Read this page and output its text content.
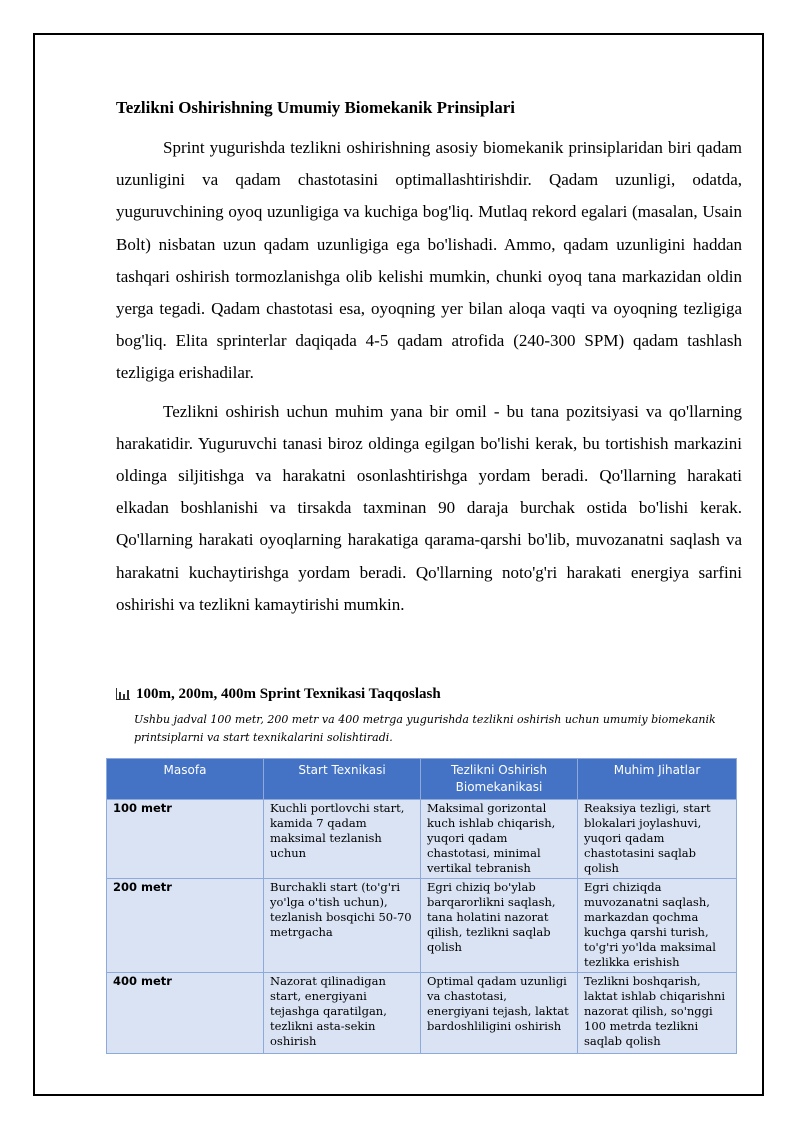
Tezlikni Oshirishning Umumiy Biomekanik Prinsiplari

Sprint yugurishda tezlikni oshirishning asosiy biomekanik prinsiplaridan biri qadam uzunligini va qadam chastotasini optimallashtirishdir. Qadam uzunligi, odatda, yuguruvchining oyoq uzunligiga va kuchiga bog'liq. Mutlaq rekord egalari (masalan, Usain Bolt) nisbatan uzun qadam uzunligiga ega bo'lishadi. Ammo, qadam uzunligini haddan tashqari oshirish tormozlanishga olib kelishi mumkin, chunki oyoq tana markazidan oldin yerga tegadi. Qadam chastotasi esa, oyoqning yer bilan aloqa vaqti va oyoqning tezligiga bog'liq. Elita sprinterlar daqiqada 4-5 qadam atrofida (240-300 SPM) qadam tashlash tezligiga erishadilar.

Tezlikni oshirish uchun muhim yana bir omil - bu tana pozitsiyasi va qo'llarning harakatidir. Yuguruvchi tanasi biroz oldinga egilgan bo'lishi kerak, bu tortishish markazini oldinga siljitishga va harakatni osonlashtirishga yordam beradi. Qo'llarning harakati elkadan boshlanishi va tirsakda taxminan 90 daraja burchak ostida bo'lishi kerak. Qo'llarning harakati oyoqlarning harakatiga qarama-qarshi bo'lib, muvozanatni saqlash va harakatni kuchaytirishga yordam beradi. Qo'llarning noto'g'ri harakati energiya sarfini oshirishi va tezlikni kamaytirishi mumkin.

100m, 200m, 400m Sprint Texnikasi Taqqoslash
Ushbu jadval 100 metr, 200 metr va 400 metrga yugurishda tezlikni oshirish uchun umumiy biomekanik printsiplarni va start texnikalarini solishtiradi.
Masofa	Start Texnikasi	Tezlikni Oshirish Biomekanikasi	Muhim Jihatlar
100 metr	Kuchli portlovchi start, kamida 7 qadam maksimal tezlanish uchun	Maksimal gorizontal kuch ishlab chiqarish, yuqori qadam chastotasi, minimal vertikal tebranish	Reaksiya tezligi, start blokalari joylashuvi, yuqori qadam chastotasini saqlab qolish
200 metr	Burchakli start (to'g'ri yo'lga o'tish uchun), tezlanish bosqichi 50-70 metrgacha	Egri chiziq bo'ylab barqarorlikni saqlash, tana holatini nazorat qilish, tezlikni saqlab qolish	Egri chiziqda muvozanatni saqlash, markazdan qochma kuchga qarshi turish, to'g'ri yo'lda maksimal tezlikka erishish
400 metr	Nazorat qilinadigan start, energiyani tejashga qaratilgan, tezlikni asta-sekin oshirish	Optimal qadam uzunligi va chastotasi, energiyani tejash, laktat bardoshliligini oshirish	Tezlikni boshqarish, laktat ishlab chiqarishni nazorat qilish, so'nggi 100 metrda tezlikni saqlab qolish
